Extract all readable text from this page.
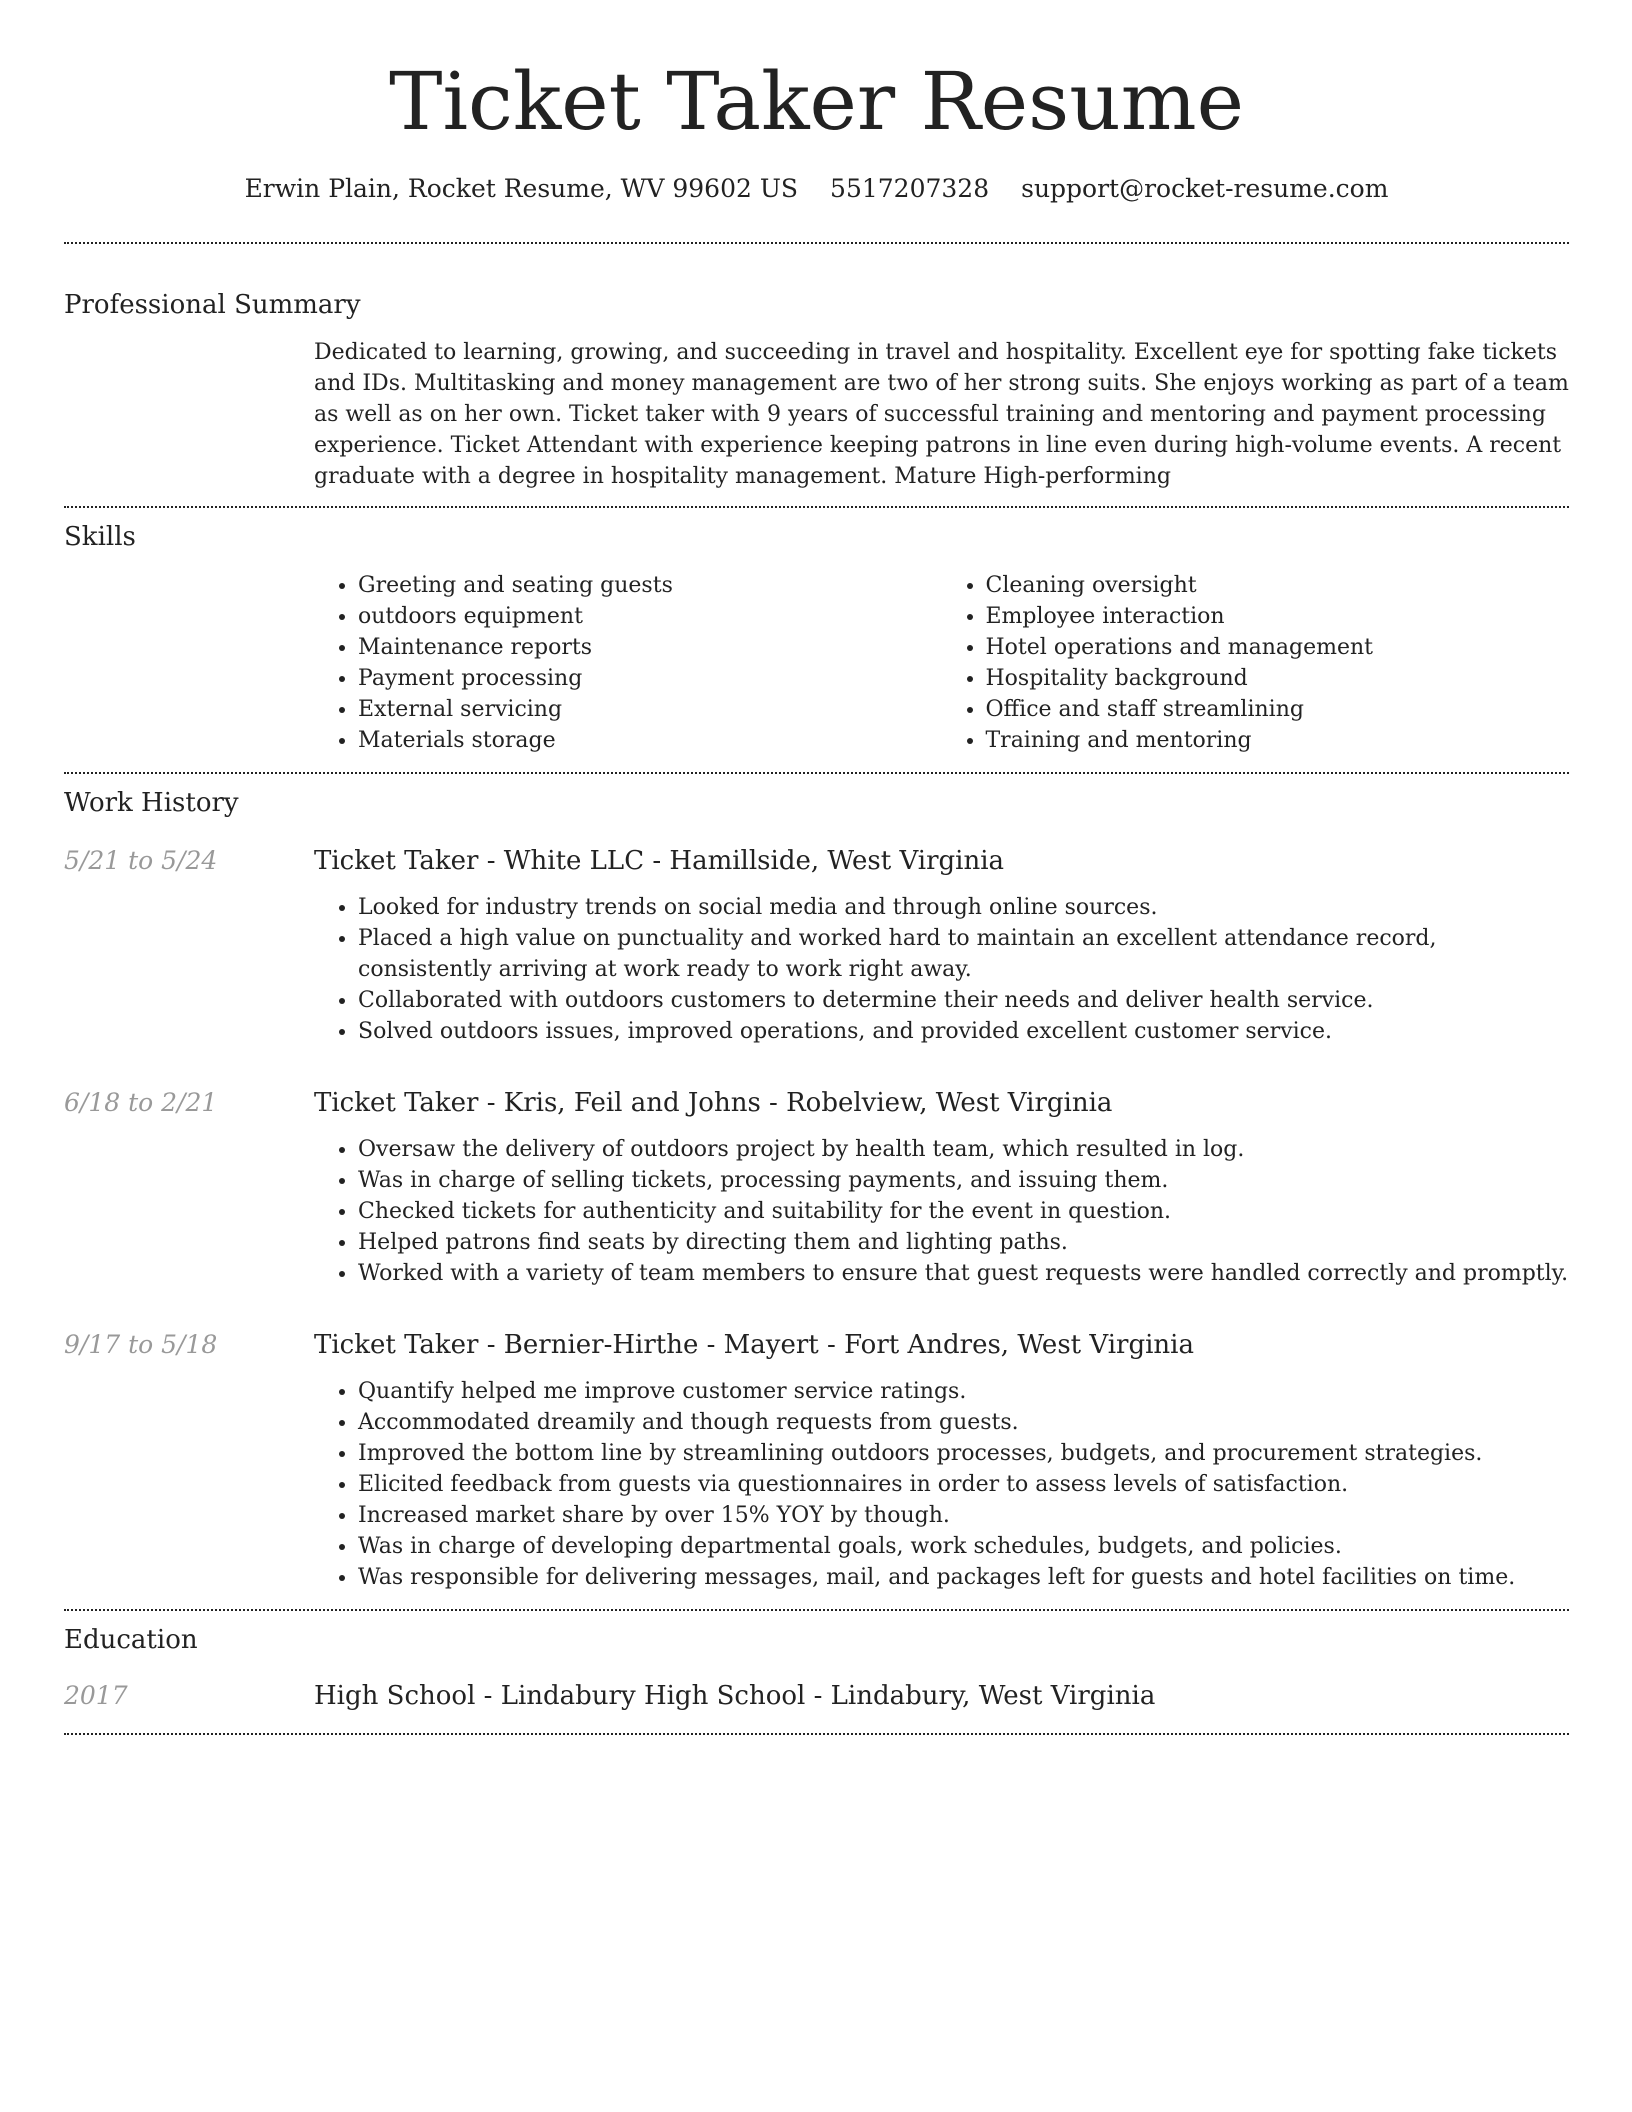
Ticket Taker Resume
Erwin Plain, Rocket Resume, WV 99602 US 5517207328 support@rocket-resume.com
Professional Summary
Dedicated to learning, growing, and succeeding in travel and hospitality. Excellent eye for spotting fake tickets and IDs. Multitasking and money management are two of her strong suits. She enjoys working as part of a team as well as on her own. Ticket taker with 9 years of successful training and mentoring and payment processing experience. Ticket Attendant with experience keeping patrons in line even during high-volume events. A recent graduate with a degree in hospitality management. Mature High-performing
Skills
• Greeting and seating guests
• outdoors equipment
• Maintenance reports
• Payment processing
• External servicing
• Materials storage
• Cleaning oversight
• Employee interaction
• Hotel operations and management
• Hospitality background
• Office and staff streamlining
• Training and mentoring
Work History
5/21 to 5/24	Ticket Taker - White LLC - Hamillside, West Virginia
• Looked for industry trends on social media and through online sources.
• Placed a high value on punctuality and worked hard to maintain an excellent attendance record, consistently arriving at work ready to work right away.
• Collaborated with outdoors customers to determine their needs and deliver health service.
• Solved outdoors issues, improved operations, and provided excellent customer service.
6/18 to 2/21	Ticket Taker - Kris, Feil and Johns - Robelview, West Virginia
• Oversaw the delivery of outdoors project by health team, which resulted in log.
• Was in charge of selling tickets, processing payments, and issuing them.
• Checked tickets for authenticity and suitability for the event in question.
• Helped patrons find seats by directing them and lighting paths.
• Worked with a variety of team members to ensure that guest requests were handled correctly and promptly.
9/17 to 5/18	Ticket Taker - Bernier-Hirthe - Mayert - Fort Andres, West Virginia
• Quantify helped me improve customer service ratings.
• Accommodated dreamily and though requests from guests.
• Improved the bottom line by streamlining outdoors processes, budgets, and procurement strategies.
• Elicited feedback from guests via questionnaires in order to assess levels of satisfaction.
• Increased market share by over 15% YOY by though.
• Was in charge of developing departmental goals, work schedules, budgets, and policies.
• Was responsible for delivering messages, mail, and packages left for guests and hotel facilities on time.
Education
2017	High School - Lindabury High School - Lindabury, West Virginia
